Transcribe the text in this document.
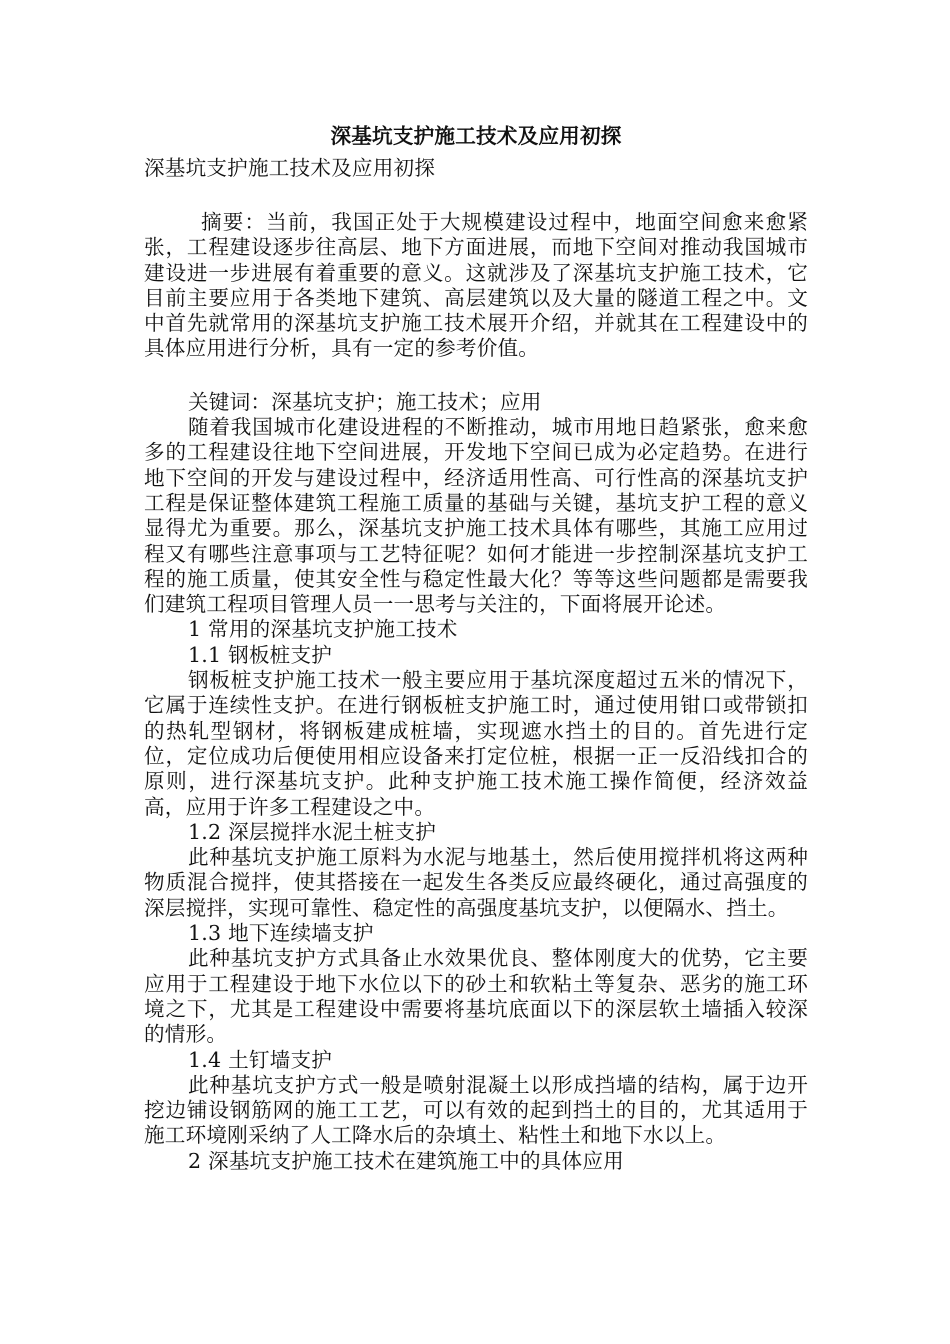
深基坑支护施工技术及应用初探

深基坑支护施工技术及应用初探

摘要：当前，我国正处于大规模建设过程中，地面空间愈来愈紧张，工程建设逐步往高层、地下方面进展，而地下空间对推动我国城市建设进一步进展有着重要的意义。这就涉及了深基坑支护施工技术，它目前主要应用于各类地下建筑、高层建筑以及大量的隧道工程之中。文中首先就常用的深基坑支护施工技术展开介绍，并就其在工程建设中的具体应用进行分析，具有一定的参考价值。

关键词：深基坑支护；施工技术；应用

随着我国城市化建设进程的不断推动，城市用地日趋紧张，愈来愈多的工程建设往地下空间进展，开发地下空间已成为必定趋势。在进行地下空间的开发与建设过程中，经济适用性高、可行性高的深基坑支护工程是保证整体建筑工程施工质量的基础与关键，基坑支护工程的意义显得尤为重要。那么，深基坑支护施工技术具体有哪些，其施工应用过程又有哪些注意事项与工艺特征呢？如何才能进一步控制深基坑支护工程的施工质量，使其安全性与稳定性最大化？等等这些问题都是需要我们建筑工程项目管理人员一一思考与关注的，下面将展开论述。

1 常用的深基坑支护施工技术

1.1 钢板桩支护

钢板桩支护施工技术一般主要应用于基坑深度超过五米的情况下，它属于连续性支护。在进行钢板桩支护施工时，通过使用钳口或带锁扣的热轧型钢材，将钢板建成桩墙，实现遮水挡土的目的。首先进行定位，定位成功后便使用相应设备来打定位桩，根据一正一反沿线扣合的原则，进行深基坑支护。此种支护施工技术施工操作简便，经济效益高，应用于许多工程建设之中。

1.2 深层搅拌水泥土桩支护

此种基坑支护施工原料为水泥与地基土，然后使用搅拌机将这两种物质混合搅拌，使其搭接在一起发生各类反应最终硬化，通过高强度的深层搅拌，实现可靠性、稳定性的高强度基坑支护，以便隔水、挡土。

1.3 地下连续墙支护

此种基坑支护方式具备止水效果优良、整体刚度大的优势，它主要应用于工程建设于地下水位以下的砂土和软粘土等复杂、恶劣的施工环境之下，尤其是工程建设中需要将基坑底面以下的深层软土墙插入较深的情形。

1.4 土钉墙支护

此种基坑支护方式一般是喷射混凝土以形成挡墙的结构，属于边开挖边铺设钢筋网的施工工艺，可以有效的起到挡土的目的，尤其适用于施工环境刚采纳了人工降水后的杂填土、粘性土和地下水以上。

2 深基坑支护施工技术在建筑施工中的具体应用
